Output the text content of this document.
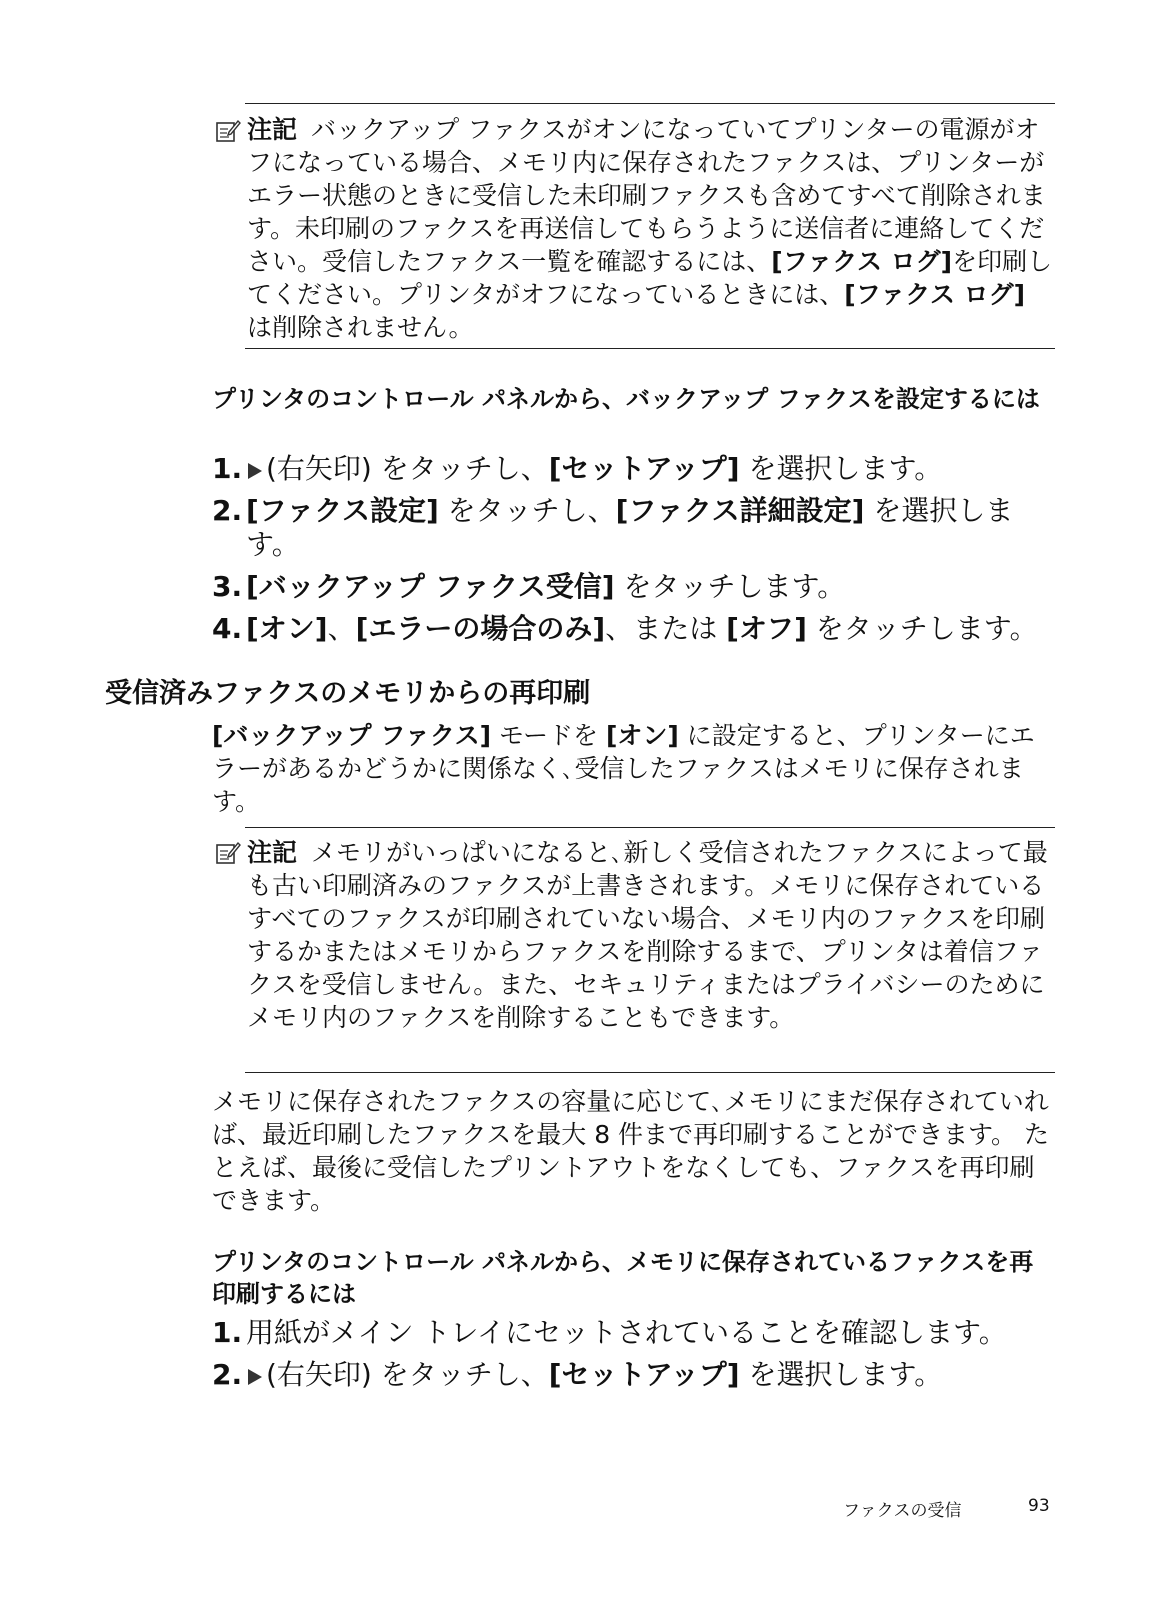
注記 バックアップ ファクスがオンになっていてプリンターの電源がオフになっている場合、メモリ内に保存されたファクスは、プリンターがエラー状態のときに受信した未印刷ファクスも含めてすべて削除されます。未印刷のファクスを再送信してもらうように送信者に連絡してください。受信したファクス一覧を確認するには、[ファクス ログ]を印刷してください。プリンタがオフになっているときには、[ファクス ログ] は削除されません。

プリンタのコントロール パネルから、バックアップ ファクスを設定するには

1. (右矢印) をタッチし、[セットアップ] を選択します。
2. [ファクス設定] をタッチし、[ファクス詳細設定] を選択します。
3. [バックアップ ファクス受信] をタッチします。
4. [オン]、[エラーの場合のみ]、または [オフ] をタッチします。
受信済みファクスのメモリからの再印刷

[バックアップ ファクス] モードを [オン] に設定すると、プリンターにエラーがあるかどうかに関係なく､受信したファクスはメモリに保存されます。

注記 メモリがいっぱいになると､新しく受信されたファクスによって最も古い印刷済みのファクスが上書きされます。メモリに保存されているすべてのファクスが印刷されていない場合、メモリ内のファクスを印刷するかまたはメモリからファクスを削除するまで、プリンタは着信ファクスを受信しません。また、セキュリティまたはプライバシーのためにメモリ内のファクスを削除することもできます。

メモリに保存されたファクスの容量に応じて､メモリにまだ保存されていれば、最近印刷したファクスを最大 8 件まで再印刷することができます。 たとえば、最後に受信したプリントアウトをなくしても、ファクスを再印刷できます。

プリンタのコントロール パネルから、メモリに保存されているファクスを再印刷するには

1. 用紙がメイン トレイにセットされていることを確認します。
2. (右矢印) をタッチし、[セットアップ] を選択します。
ファクスの受信	93
